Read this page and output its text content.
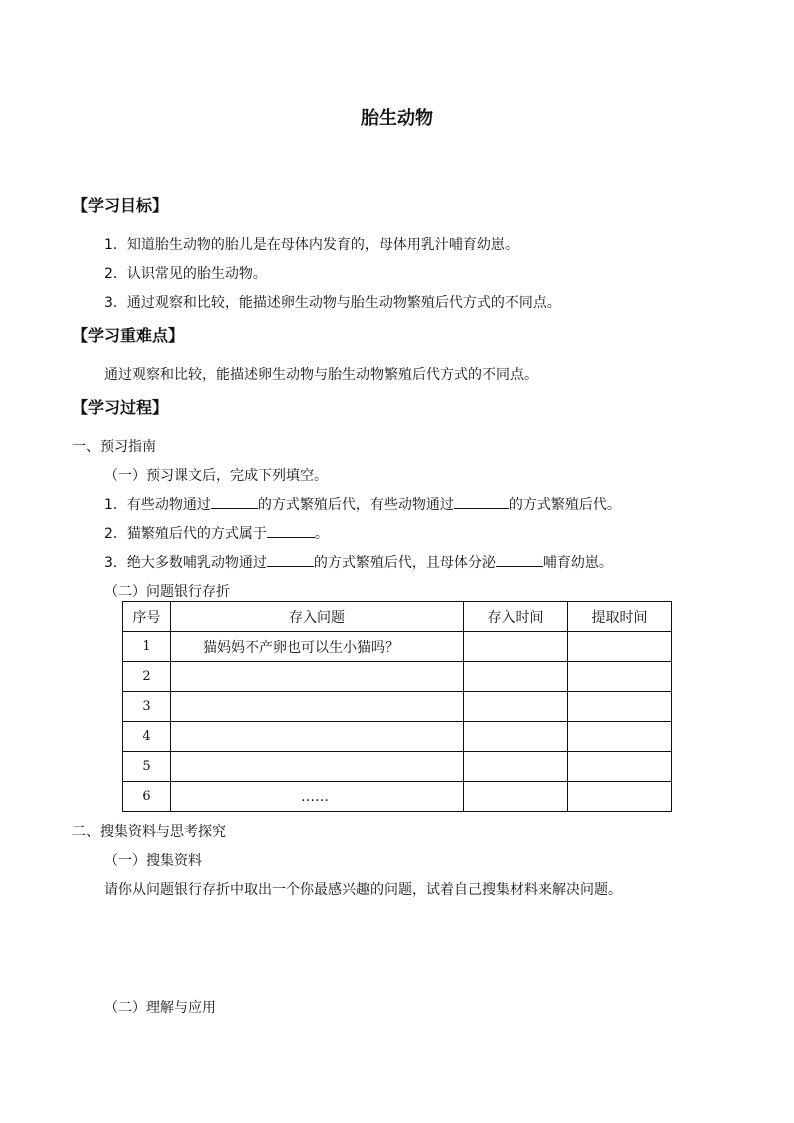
胎生动物
【学习目标】
1．知道胎生动物的胎儿是在母体内发育的，母体用乳汁哺育幼崽。
2．认识常见的胎生动物。
3．通过观察和比较，能描述卵生动物与胎生动物繁殖后代方式的不同点。
【学习重难点】
通过观察和比较，能描述卵生动物与胎生动物繁殖后代方式的不同点。
【学习过程】
一、预习指南
（一）预习课文后，完成下列填空。
1．有些动物通过	的方式繁殖后代，有些动物通过	的方式繁殖后代。
2．猫繁殖后代的方式属于	。
3．绝大多数哺乳动物通过	的方式繁殖后代，且母体分泌	哺育幼崽。
（二）问题银行存折
序号	存入问题	存入时间	提取时间
1	猫妈妈不产卵也可以生小猫吗？		
2			
3			
4			
5			
6	……		
二、搜集资料与思考探究
（一）搜集资料
请你从问题银行存折中取出一个你最感兴趣的问题，试着自己搜集材料来解决问题。
（二）理解与应用
